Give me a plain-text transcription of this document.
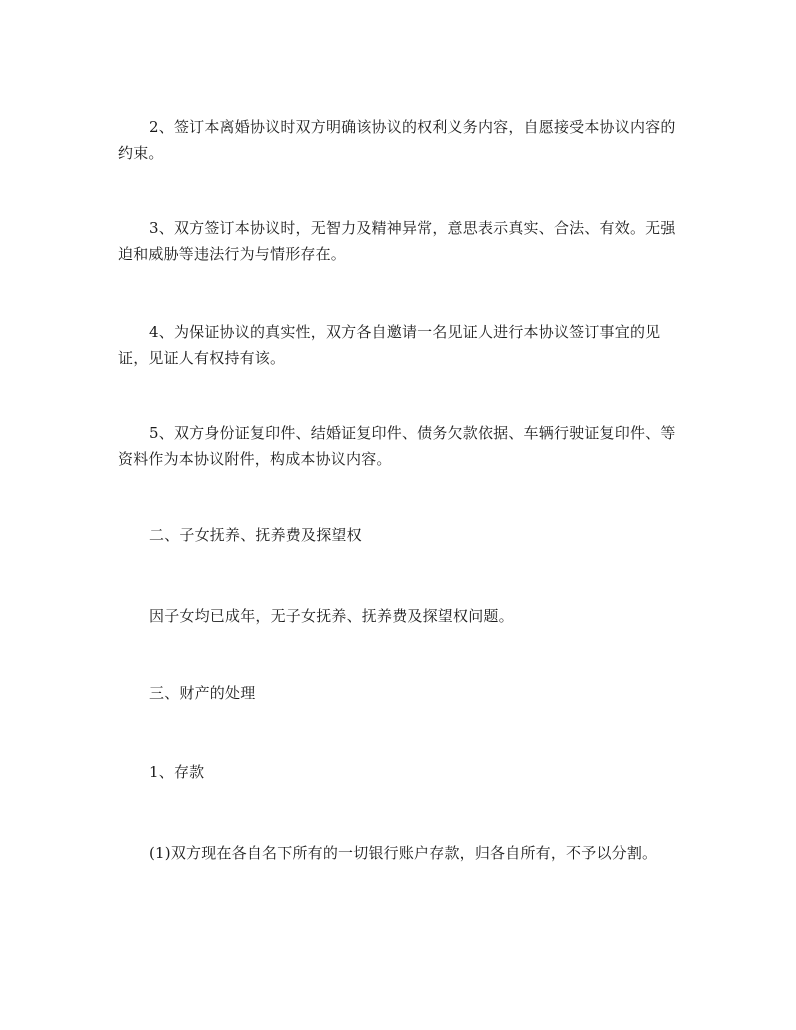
2、签订本离婚协议时双方明确该协议的权利义务内容，自愿接受本协议内容的约束。

3、双方签订本协议时，无智力及精神异常，意思表示真实、合法、有效。无强迫和威胁等违法行为与情形存在。

4、为保证协议的真实性，双方各自邀请一名见证人进行本协议签订事宜的见证，见证人有权持有该。

5、双方身份证复印件、结婚证复印件、债务欠款依据、车辆行驶证复印件、等资料作为本协议附件，构成本协议内容。

二、子女抚养、抚养费及探望权

因子女均已成年，无子女抚养、抚养费及探望权问题。

三、财产的处理

1、存款

(1)双方现在各自名下所有的一切银行账户存款，归各自所有，不予以分割。
